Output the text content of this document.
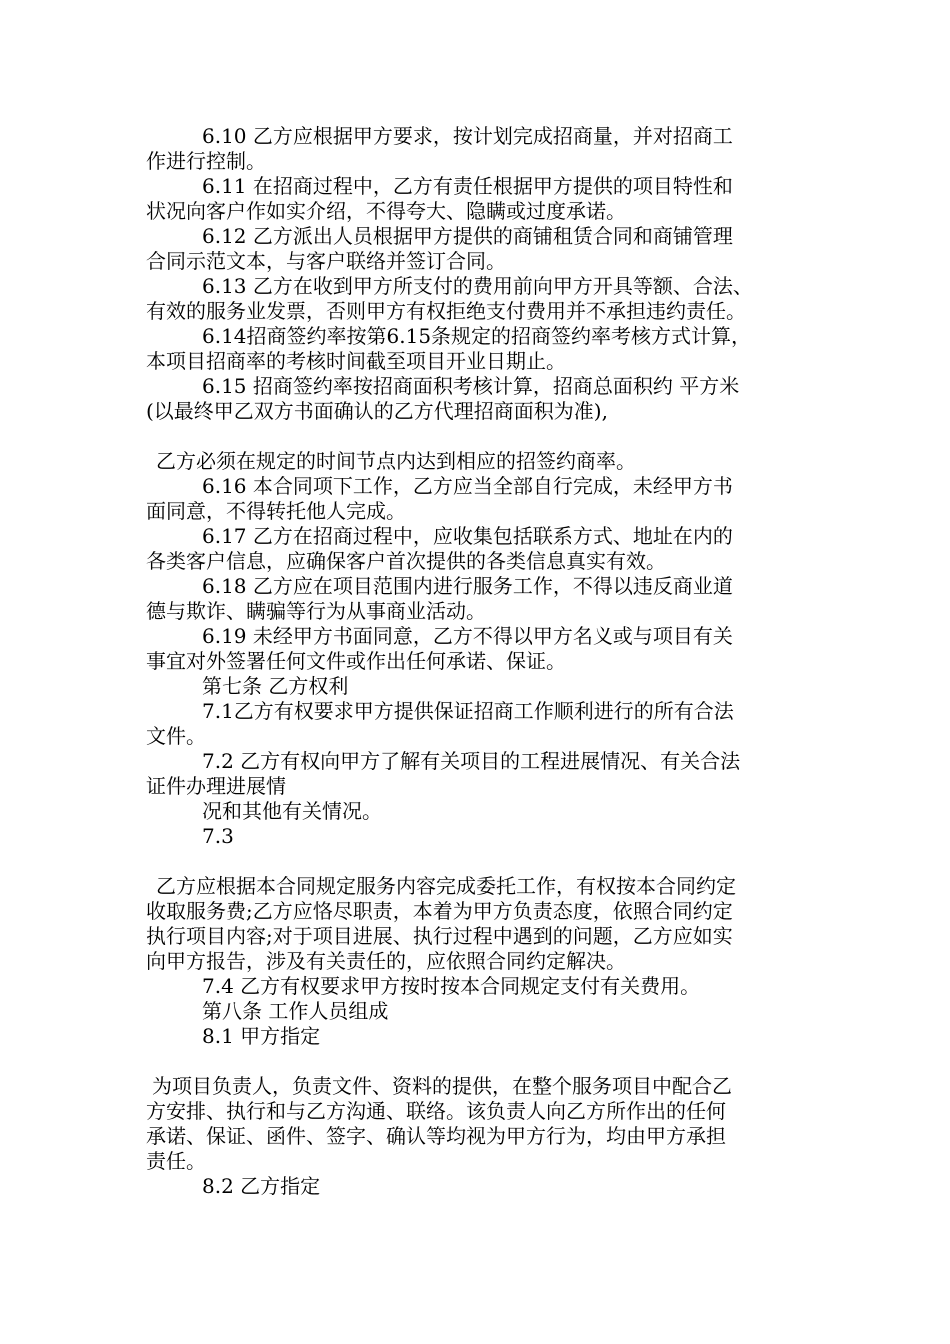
6.10 乙方应根据甲方要求，按计划完成招商量，并对招商工
作进行控制。
6.11 在招商过程中，乙方有责任根据甲方提供的项目特性和
状况向客户作如实介绍，不得夸大、隐瞒或过度承诺。
6.12 乙方派出人员根据甲方提供的商铺租赁合同和商铺管理
合同示范文本，与客户联络并签订合同。
6.13 乙方在收到甲方所支付的费用前向甲方开具等额、合法、
有效的服务业发票，否则甲方有权拒绝支付费用并不承担违约责任。
6.14招商签约率按第6.15条规定的招商签约率考核方式计算，
本项目招商率的考核时间截至项目开业日期止。
6.15 招商签约率按招商面积考核计算，招商总面积约 平方米
(以最终甲乙双方书面确认的乙方代理招商面积为准),
乙方必须在规定的时间节点内达到相应的招签约商率。
6.16 本合同项下工作，乙方应当全部自行完成，未经甲方书
面同意，不得转托他人完成。
6.17 乙方在招商过程中，应收集包括联系方式、地址在内的
各类客户信息，应确保客户首次提供的各类信息真实有效。
6.18 乙方应在项目范围内进行服务工作，不得以违反商业道
德与欺诈、瞒骗等行为从事商业活动。
6.19 未经甲方书面同意，乙方不得以甲方名义或与项目有关
事宜对外签署任何文件或作出任何承诺、保证。
第七条 乙方权利
7.1乙方有权要求甲方提供保证招商工作顺利进行的所有合法
文件。
7.2 乙方有权向甲方了解有关项目的工程进展情况、有关合法
证件办理进展情
况和其他有关情况。
7.3
乙方应根据本合同规定服务内容完成委托工作，有权按本合同约定
收取服务费;乙方应恪尽职责，本着为甲方负责态度，依照合同约定
执行项目内容;对于项目进展、执行过程中遇到的问题，乙方应如实
向甲方报告，涉及有关责任的，应依照合同约定解决。
7.4 乙方有权要求甲方按时按本合同规定支付有关费用。
第八条 工作人员组成
8.1 甲方指定
为项目负责人，负责文件、资料的提供，在整个服务项目中配合乙
方安排、执行和与乙方沟通、联络。该负责人向乙方所作出的任何
承诺、保证、函件、签字、确认等均视为甲方行为，均由甲方承担
责任。
8.2 乙方指定
